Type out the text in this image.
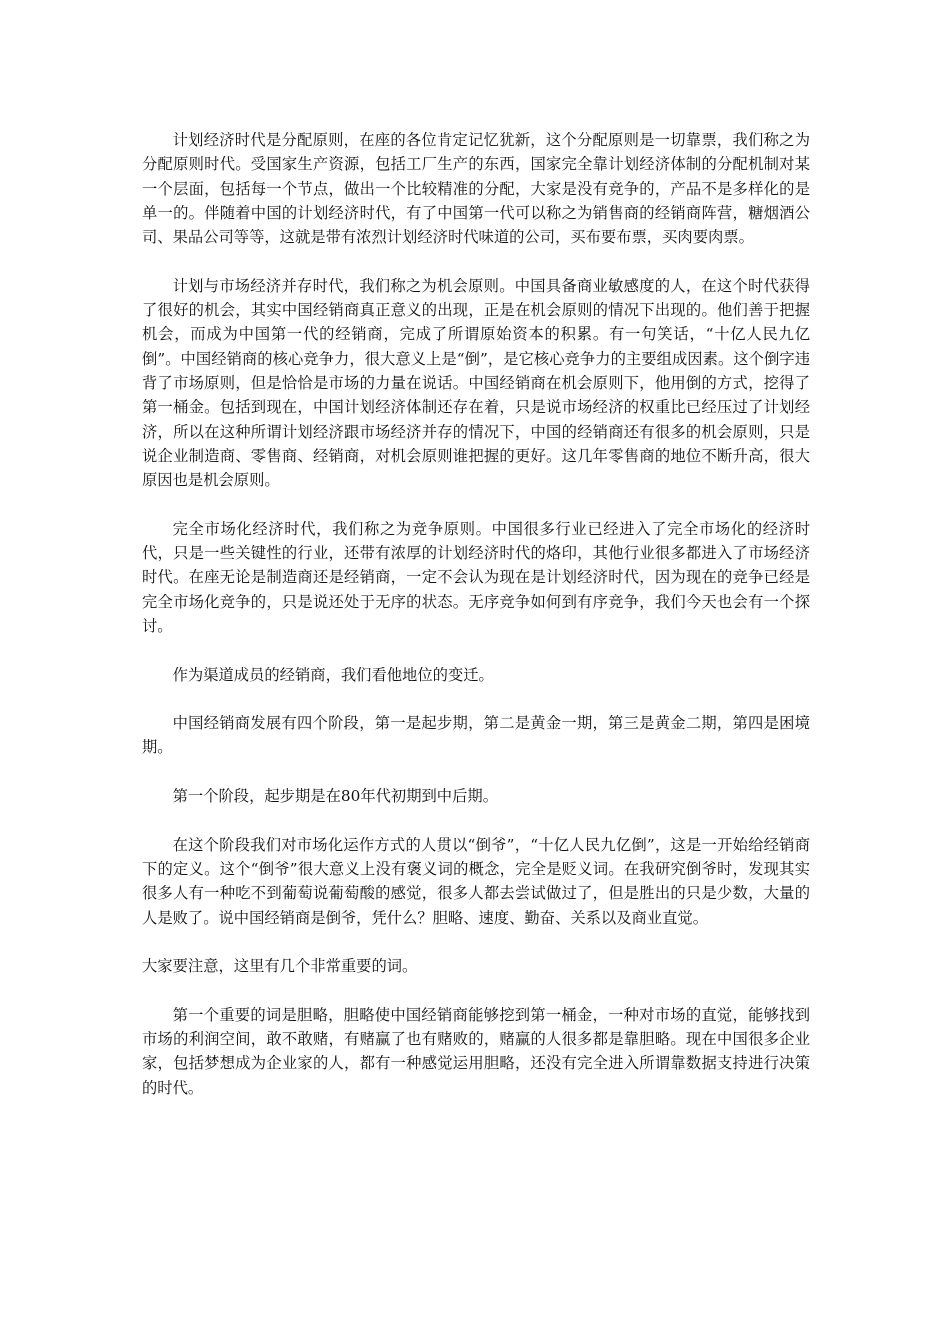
计划经济时代是分配原则，在座的各位肯定记忆犹新，这个分配原则是一切靠票，我们称之为分配原则时代。受国家生产资源，包括工厂生产的东西，国家完全靠计划经济体制的分配机制对某一个层面，包括每一个节点，做出一个比较精准的分配，大家是没有竞争的，产品不是多样化的是单一的。伴随着中国的计划经济时代，有了中国第一代可以称之为销售商的经销商阵营，糖烟酒公司、果品公司等等，这就是带有浓烈计划经济时代味道的公司，买布要布票，买肉要肉票。

计划与市场经济并存时代，我们称之为机会原则。中国具备商业敏感度的人，在这个时代获得了很好的机会，其实中国经销商真正意义的出现，正是在机会原则的情况下出现的。他们善于把握机会，而成为中国第一代的经销商，完成了所谓原始资本的积累。有一句笑话，“十亿人民九亿倒”。中国经销商的核心竞争力，很大意义上是“倒”，是它核心竞争力的主要组成因素。这个倒字违背了市场原则，但是恰恰是市场的力量在说话。中国经销商在机会原则下，他用倒的方式，挖得了第一桶金。包括到现在，中国计划经济体制还存在着，只是说市场经济的权重比已经压过了计划经济，所以在这种所谓计划经济跟市场经济并存的情况下，中国的经销商还有很多的机会原则，只是说企业制造商、零售商、经销商，对机会原则谁把握的更好。这几年零售商的地位不断升高，很大原因也是机会原则。

完全市场化经济时代，我们称之为竞争原则。中国很多行业已经进入了完全市场化的经济时代，只是一些关键性的行业，还带有浓厚的计划经济时代的烙印，其他行业很多都进入了市场经济时代。在座无论是制造商还是经销商，一定不会认为现在是计划经济时代，因为现在的竞争已经是完全市场化竞争的，只是说还处于无序的状态。无序竞争如何到有序竞争，我们今天也会有一个探讨。

作为渠道成员的经销商，我们看他地位的变迁。

中国经销商发展有四个阶段，第一是起步期，第二是黄金一期，第三是黄金二期，第四是困境期。

第一个阶段，起步期是在80年代初期到中后期。

在这个阶段我们对市场化运作方式的人贯以“倒爷”，“十亿人民九亿倒”，这是一开始给经销商下的定义。这个“倒爷”很大意义上没有褒义词的概念，完全是贬义词。在我研究倒爷时，发现其实很多人有一种吃不到葡萄说葡萄酸的感觉，很多人都去尝试做过了，但是胜出的只是少数，大量的人是败了。说中国经销商是倒爷，凭什么？胆略、速度、勤奋、关系以及商业直觉。

大家要注意，这里有几个非常重要的词。

第一个重要的词是胆略，胆略使中国经销商能够挖到第一桶金，一种对市场的直觉，能够找到市场的利润空间，敢不敢赌，有赌赢了也有赌败的，赌赢的人很多都是靠胆略。现在中国很多企业家，包括梦想成为企业家的人，都有一种感觉运用胆略，还没有完全进入所谓靠数据支持进行决策的时代。
